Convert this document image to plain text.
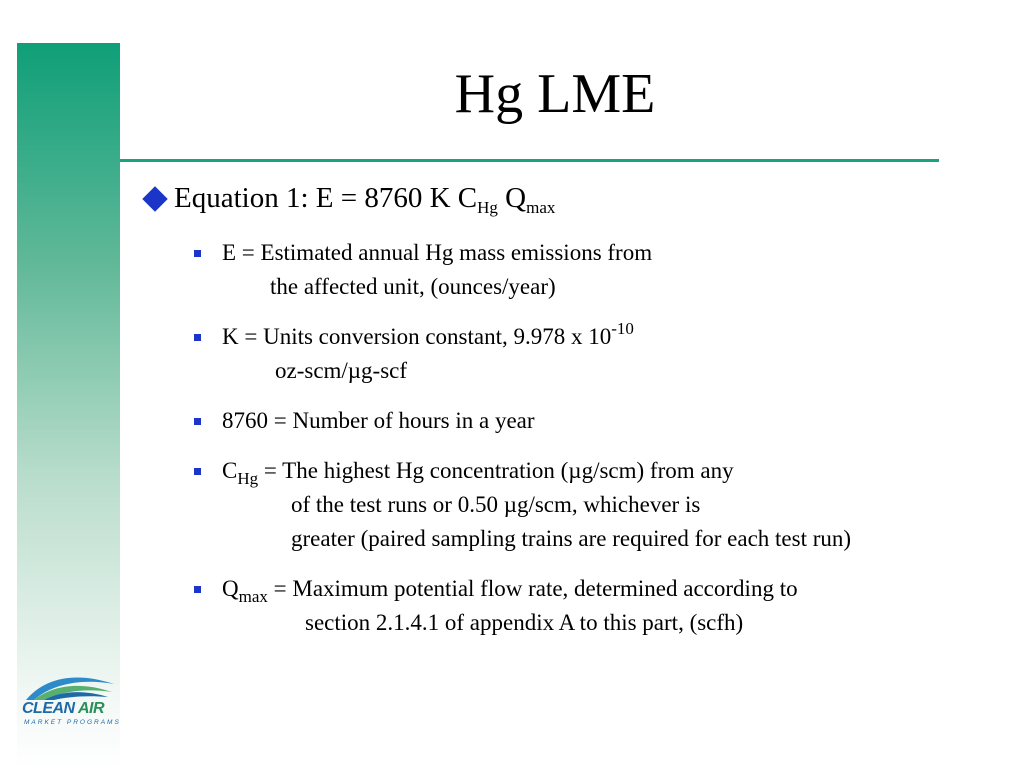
Hg LME
Equation 1: E = 8760 K $C_{Hg}$ $Q_{max}$
E = Estimated annual Hg mass emissions from
the affected unit, (ounces/year)
K = Units conversion constant, 9.978 x $10^{-10}$
oz-scm/µg-scf
8760 = Number of hours in a year
$C_{Hg}$ = The highest Hg concentration (µg/scm) from any
of the test runs or 0.50 µg/scm, whichever is
greater (paired sampling trains are required for each test run)
$Q_{max}$ = Maximum potential flow rate, determined according to
section 2.1.4.1 of appendix A to this part, (scfh)
CLEAN AIR
MARKET PROGRAMS
